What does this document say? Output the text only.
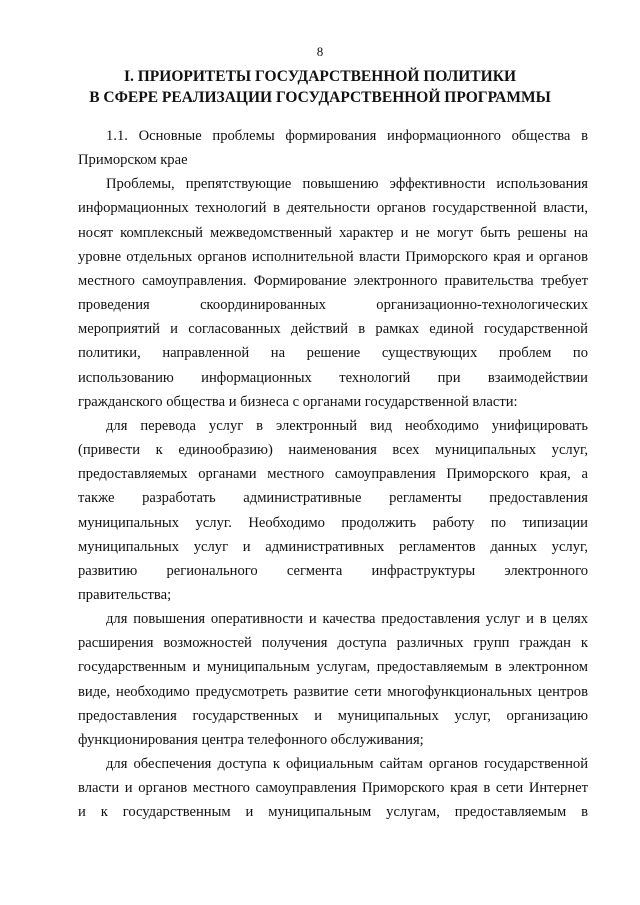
8
I. ПРИОРИТЕТЫ ГОСУДАРСТВЕННОЙ ПОЛИТИКИ
В СФЕРЕ РЕАЛИЗАЦИИ ГОСУДАРСТВЕННОЙ ПРОГРАММЫ
1.1. Основные проблемы формирования информационного общества в
Приморском крае
Проблемы, препятствующие повышению эффективности использования
информационных технологий в деятельности органов государственной власти,
носят комплексный межведомственный характер и не могут быть решены на
уровне отдельных органов исполнительной власти Приморского края и органов
местного самоуправления. Формирование электронного правительства требует
проведения скоординированных организационно-технологических
мероприятий и согласованных действий в рамках единой государственной
политики, направленной на решение существующих проблем по
использованию информационных технологий при взаимодействии
гражданского общества и бизнеса с органами государственной власти:
для перевода услуг в электронный вид необходимо унифицировать
(привести к единообразию) наименования всех муниципальных услуг,
предоставляемых органами местного самоуправления Приморского края, а
также разработать административные регламенты предоставления
муниципальных услуг. Необходимо продолжить работу по типизации
муниципальных услуг и административных регламентов данных услуг,
развитию регионального сегмента инфраструктуры электронного
правительства;
для повышения оперативности и качества предоставления услуг и в целях
расширения возможностей получения доступа различных групп граждан к
государственным и муниципальным услугам, предоставляемым в электронном
виде, необходимо предусмотреть развитие сети многофункциональных центров
предоставления государственных и муниципальных услуг, организацию
функционирования центра телефонного обслуживания;
для обеспечения доступа к официальным сайтам органов государственной
власти и органов местного самоуправления Приморского края в сети Интернет
и к государственным и муниципальным услугам, предоставляемым в
